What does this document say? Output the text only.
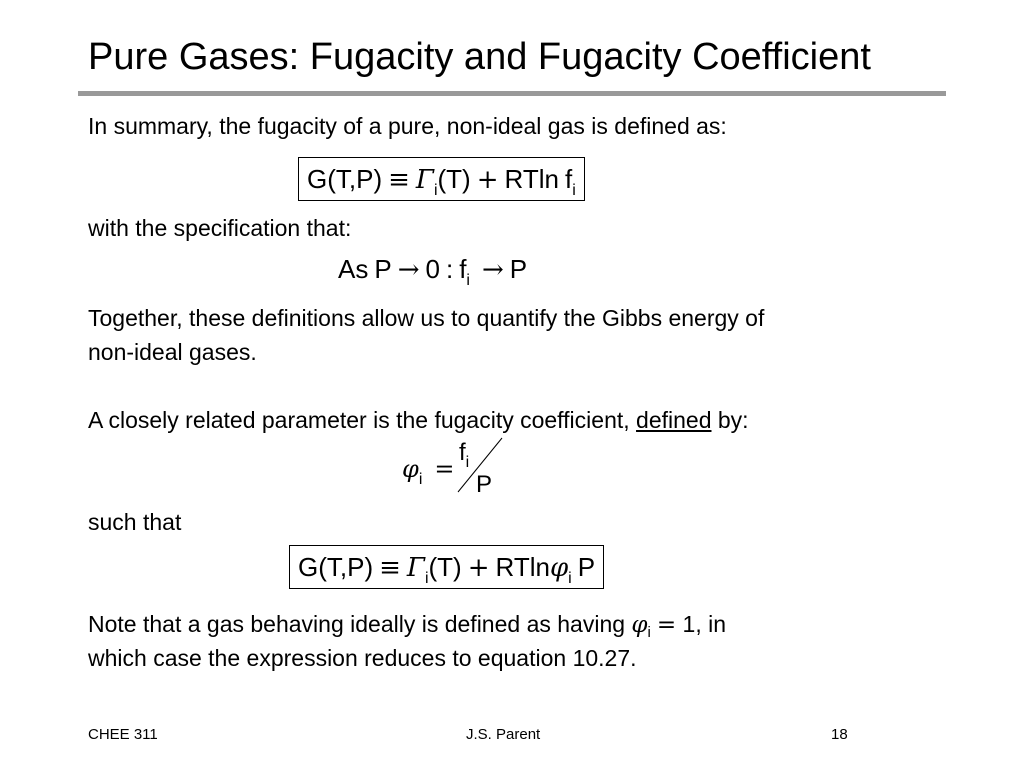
Pure Gases: Fugacity and Fugacity Coefficient
In summary, the fugacity of a pure, non-ideal gas is defined as:
$G(T,P) \equiv \Gamma_i(T) + RTln$ $f_i$
with the specification that:
As P → 0 : $f_i \to P$
Together, these definitions allow us to quantify the Gibbs energy of
non-ideal gases.
A closely related parameter is the fugacity coefficient, defined by:
$\varphi_i$ =
$f_i$
P
such that
$G(T,P) \equiv \Gamma_i(T) + RTln\varphi_i$ P
Note that a gas behaving ideally is defined as having $\varphi_i = 1$, in
which case the expression reduces to equation 10.27.
CHEE 311	J.S. Parent	18
